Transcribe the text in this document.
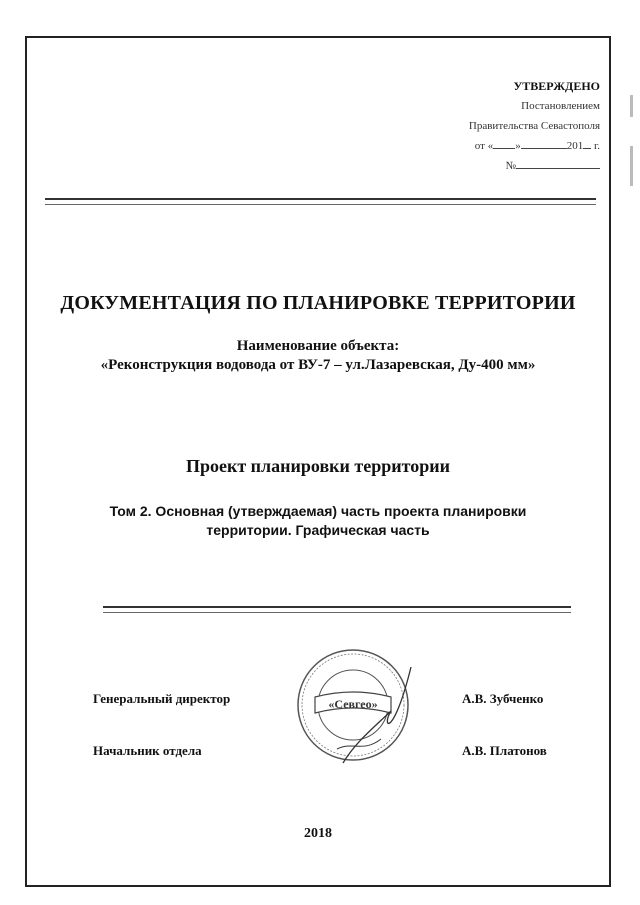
УТВЕРЖДЕНО
Постановлением
Правительства Севастополя
от « »	201 г.
№
ДОКУМЕНТАЦИЯ ПО ПЛАНИРОВКЕ ТЕРРИТОРИИ
Наименование объекта:
«Реконструкция водовода от ВУ-7 – ул.Лазаревская, Ду-400 мм»
Проект планировки территории
Том 2. Основная (утверждаемая) часть проекта планировки
территории. Графическая часть
«Севгео»
Генеральный директор	А.В. Зубченко
Начальник отдела	А.В. Платонов
2018
